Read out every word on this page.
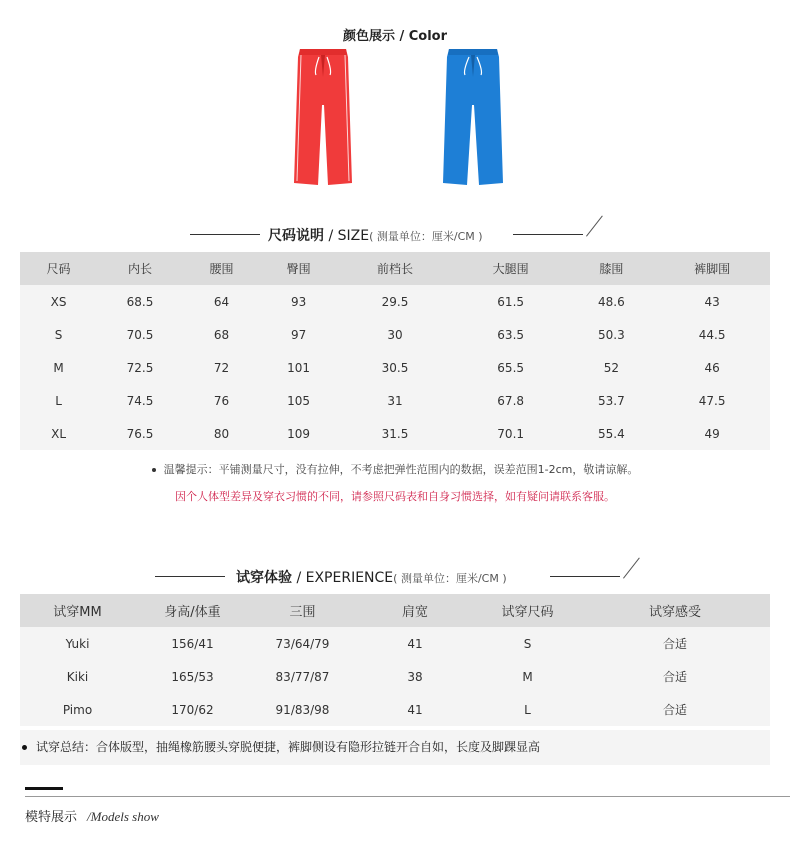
颜色展示 / Color
尺码说明 / SIZE( 测量单位：厘米/CM )
尺码	内长	腰围	臀围	前档长	大腿围	膝围	裤脚围
XS	68.5	64	93	29.5	61.5	48.6	43
S	70.5	68	97	30	63.5	50.3	44.5
M	72.5	72	101	30.5	65.5	52	46
L	74.5	76	105	31	67.8	53.7	47.5
XL	76.5	80	109	31.5	70.1	55.4	49
温馨提示：平铺测量尺寸，没有拉伸，不考虑把弹性范围内的数据，误差范围1-2cm，敬请谅解。
因个人体型差异及穿衣习惯的不同，请参照尺码表和自身习惯选择，如有疑问请联系客服。
试穿体验 / EXPERIENCE( 测量单位：厘米/CM )
试穿MM	身高/体重	三围	肩宽	试穿尺码	试穿感受
Yuki	156/41	73/64/79	41	S	合适
Kiki	165/53	83/77/87	38	M	合适
Pimo	170/62	91/83/98	41	L	合适
试穿总结：合体版型，抽绳橡筋腰头穿脱便捷，裤脚侧设有隐形拉链开合自如，长度及脚踝显高
模特展示 /Models show
